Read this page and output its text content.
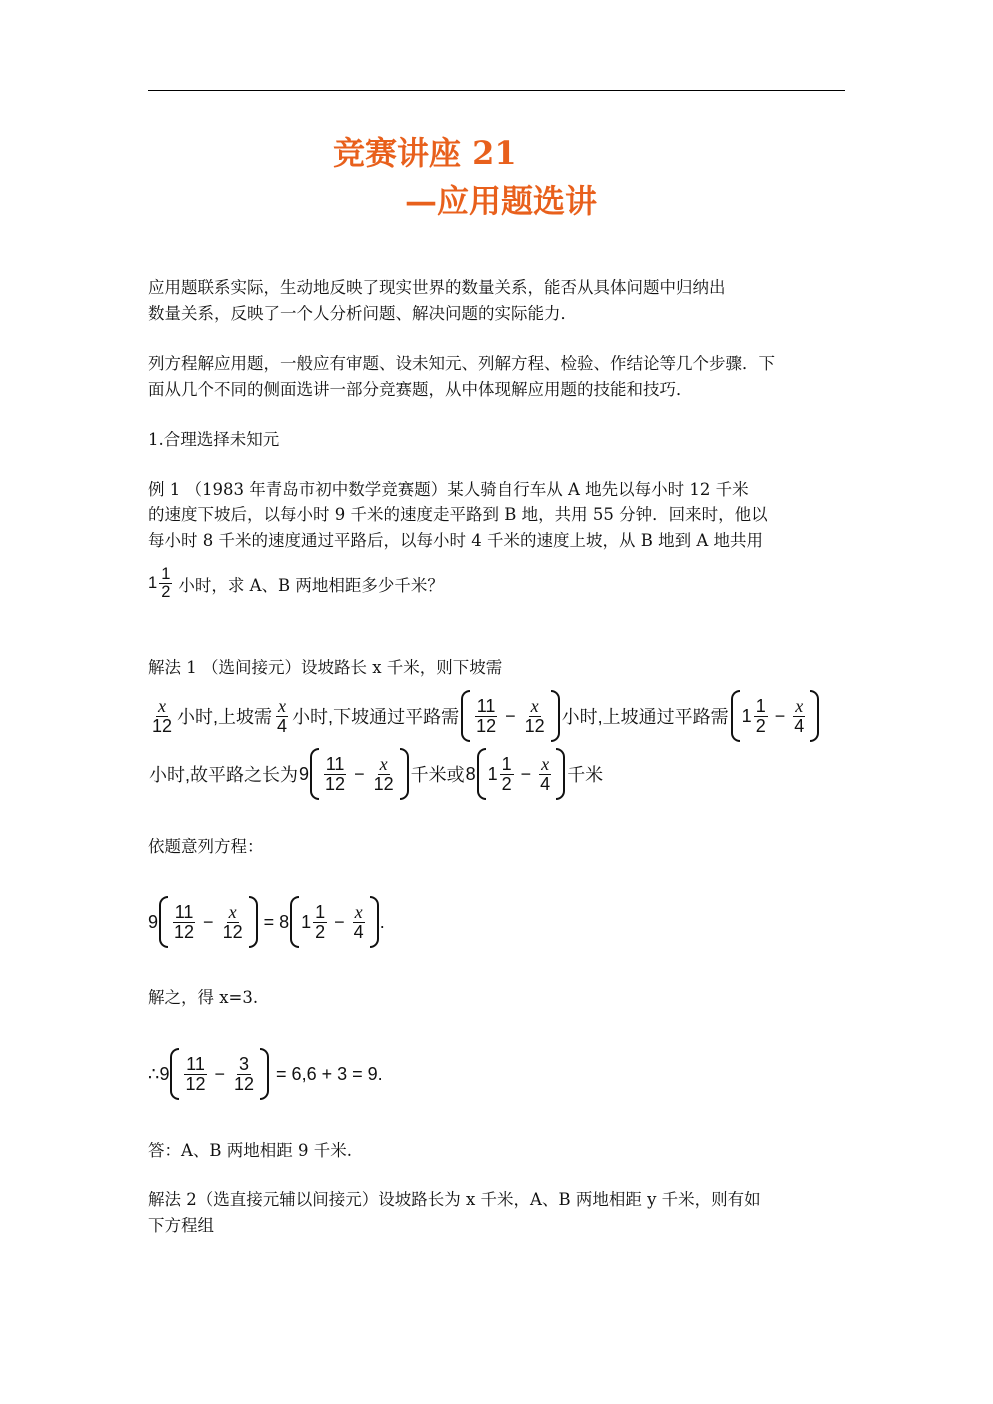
竞赛讲座 21
—应用题选讲
应用题联系实际，生动地反映了现实世界的数量关系，能否从具体问题中归纳出
数量关系，反映了一个人分析问题、解决问题的实际能力．
列方程解应用题，一般应有审题、设未知元、列解方程、检验、作结论等几个步骤．下
面从几个不同的侧面选讲一部分竞赛题，从中体现解应用题的技能和技巧．
1.合理选择未知元
例 1 （1983 年青岛市初中数学竞赛题）某人骑自行车从 A 地先以每小时 12 千米
的速度下坡后，以每小时 9 千米的速度走平路到 B 地，共用 55 分钟．回来时，他以
每小时 8 千米的速度通过平路后，以每小时 4 千米的速度上坡，从 B 地到 A 地共用
$1 \frac{1}{2}$ 小时，求 A、B 两地相距多少千米？
解法 1 （选间接元）设坡路长 x 千米，则下坡需
$\frac{x}{12}$ 小时,上坡需 $\frac{x}{4}$ 小时,下坡通过平路需 $\frac{11}{12} - \frac{x}{12}$ 小时,上坡通过平路需 $1 \frac{1}{2} - \frac{x}{4}$
小时,故平路之长为 $9 \frac{11}{12} - \frac{x}{12}$ 千米或 8 $1 \frac{1}{2} - \frac{x}{4}$ 千米
依题意列方程：
$9 \frac{11}{12} - \frac{x}{12} = 8$ $1 \frac{1}{2} - \frac{x}{4}$ .
解之，得 x=3.
∴ $9 \frac{11}{12} - \frac{3}{12} = 6,6 + 3 = 9$.
答：A、B 两地相距 9 千米.
解法 2（选直接元辅以间接元）设坡路长为 x 千米，A、B 两地相距 y 千米，则有如
下方程组
